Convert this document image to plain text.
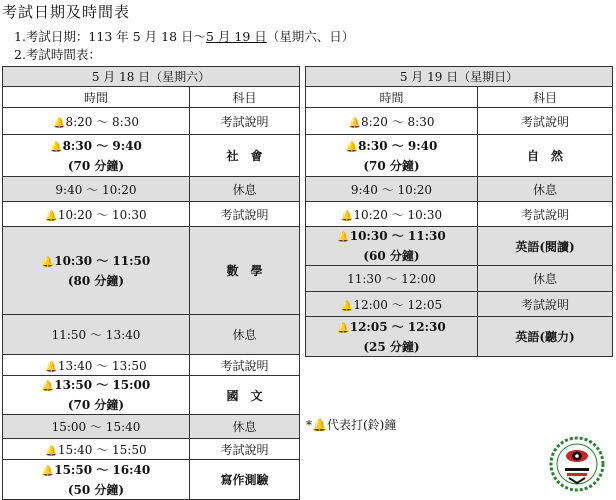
考試日期及時間表
1.考試日期：113 年 5 月 18 日～5 月 19 日（星期六、日）
2.考試時間表：
5 月 18 日（星期六）	
時間	科目
🔔8:20 ～ 8:30	考試說明
🔔8:30 ～ 9:40
(70 分鐘)	社　會
9:40 ～ 10:20	休息
🔔10:20 ～ 10:30	考試說明
🔔10:30 ～ 11:50
(80 分鐘)	數　學
11:50 ～ 13:40	休息
🔔13:40 ～ 13:50	考試說明
🔔13:50 ～ 15:00
(70 分鐘)	國　文
15:00 ～ 15:40	休息
🔔15:40 ～ 15:50	考試說明
🔔15:50 ～ 16:40
(50 分鐘)	寫作測驗
5 月 19 日（星期日）	
時間	科目
🔔8:20 ～ 8:30	考試說明
🔔8:30 ～ 9:40
(70 分鐘)	自　然
9:40 ～ 10:20	休息
🔔10:20 ～ 10:30	考試說明
🔔10:30 ～ 11:30
(60 分鐘)	英語(閱讀)
11:30 ～ 12:00	休息
🔔12:00 ～ 12:05	考試說明
🔔12:05 ～ 12:30
(25 分鐘)	英語(聽力)
*🔔代表打(鈴)鐘
